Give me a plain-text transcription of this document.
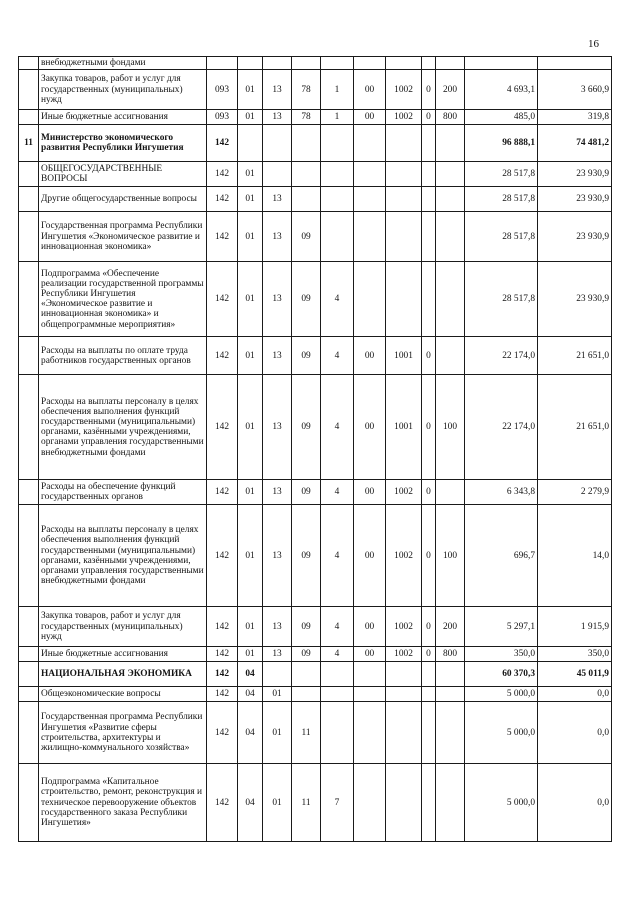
16
	внебюджетными фондами											
	Закупка товаров, работ и услуг для государственных (муниципальных) нужд	093	01	13	78	1	00	1002	0	200	4 693,1	3 660,9
	Иные бюджетные ассигнования	093	01	13	78	1	00	1002	0	800	485,0	319,8
11	Министерство экономического развития Республики Ингушетия	142									96 888,1	74 481,2
	ОБЩЕГОСУДАРСТВЕННЫЕ ВОПРОСЫ	142	01								28 517,8	23 930,9
	Другие общегосударственные вопросы	142	01	13							28 517,8	23 930,9
	Государственная программа Республики Ингушетия «Экономическое развитие и инновационная экономика»	142	01	13	09						28 517,8	23 930,9
	Подпрограмма «Обеспечение реализации государственной программы Республики Ингушетия «Экономическое развитие и инновационная экономика» и общепрограммные мероприятия»	142	01	13	09	4					28 517,8	23 930,9
	Расходы на выплаты по оплате труда работников государственных органов	142	01	13	09	4	00	1001	0		22 174,0	21 651,0
	Расходы на выплаты персоналу в целях обеспечения выполнения функций государственными (муниципальными) органами, казёнными учреждениями, органами управления государственными внебюджетными фондами	142	01	13	09	4	00	1001	0	100	22 174,0	21 651,0
	Расходы на обеспечение функций государственных органов	142	01	13	09	4	00	1002	0		6 343,8	2 279,9
	Расходы на выплаты персоналу в целях обеспечения выполнения функций государственными (муниципальными) органами, казёнными учреждениями, органами управления государственными внебюджетными фондами	142	01	13	09	4	00	1002	0	100	696,7	14,0
	Закупка товаров, работ и услуг для государственных (муниципальных) нужд	142	01	13	09	4	00	1002	0	200	5 297,1	1 915,9
	Иные бюджетные ассигнования	142	01	13	09	4	00	1002	0	800	350,0	350,0
	НАЦИОНАЛЬНАЯ ЭКОНОМИКА	142	04								60 370,3	45 011,9
	Общеэкономические вопросы	142	04	01							5 000,0	0,0
	Государственная программа Республики Ингушетия «Развитие сферы строительства, архитектуры и жилищно-коммунального хозяйства»	142	04	01	11						5 000,0	0,0
	Подпрограмма «Капитальное строительство, ремонт, реконструкция и техническое перевооружение объектов государственного заказа Республики Ингушетия»	142	04	01	11	7					5 000,0	0,0
